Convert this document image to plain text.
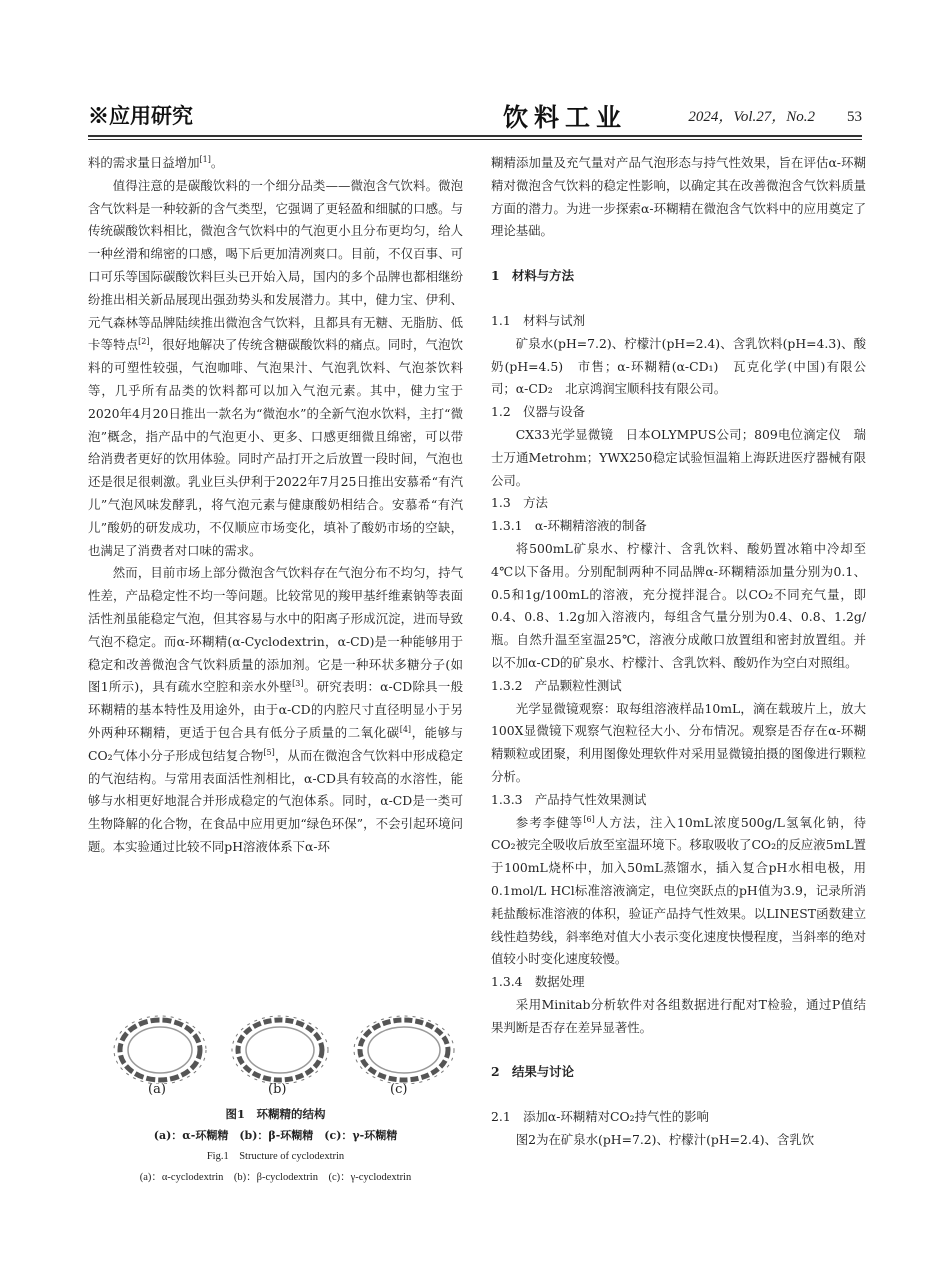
※应用研究	饮料工业	2024，Vol.27，No.2 53

料的需求量日益增加[1]。

值得注意的是碳酸饮料的一个细分品类——微泡含气饮料。微泡含气饮料是一种较新的含气类型，它强调了更轻盈和细腻的口感。与传统碳酸饮料相比，微泡含气饮料中的气泡更小且分布更均匀，给人一种丝滑和绵密的口感，喝下后更加清冽爽口。目前，不仅百事、可口可乐等国际碳酸饮料巨头已开始入局，国内的多个品牌也都相继纷纷推出相关新品展现出强劲势头和发展潜力。其中，健力宝、伊利、元气森林等品牌陆续推出微泡含气饮料，且都具有无糖、无脂肪、低卡等特点[2]，很好地解决了传统含糖碳酸饮料的痛点。同时，气泡饮料的可塑性较强，气泡咖啡、气泡果汁、气泡乳饮料、气泡茶饮料等，几乎所有品类的饮料都可以加入气泡元素。其中，健力宝于2020年4月20日推出一款名为“微泡水”的全新气泡水饮料，主打“微泡”概念，指产品中的气泡更小、更多、口感更细微且绵密，可以带给消费者更好的饮用体验。同时产品打开之后放置一段时间，气泡也还是很足很刺激。乳业巨头伊利于2022年7月25日推出安慕希“有汽儿”气泡风味发酵乳，将气泡元素与健康酸奶相结合。安慕希“有汽儿”酸奶的研发成功，不仅顺应市场变化，填补了酸奶市场的空缺，也满足了消费者对口味的需求。

然而，目前市场上部分微泡含气饮料存在气泡分布不均匀，持气性差，产品稳定性不均一等问题。比较常见的羧甲基纤维素钠等表面活性剂虽能稳定气泡，但其容易与水中的阳离子形成沉淀，进而导致气泡不稳定。而α-环糊精(α-Cyclodextrin，α-CD)是一种能够用于稳定和改善微泡含气饮料质量的添加剂。它是一种环状多糖分子(如图1所示)，具有疏水空腔和亲水外壁[3]。研究表明：α-CD除具一般环糊精的基本特性及用途外，由于α-CD的内腔尺寸直径明显小于另外两种环糊精，更适于包合具有低分子质量的二氧化碳[4]，能够与CO₂气体小分子形成包结复合物[5]，从而在微泡含气饮料中形成稳定的气泡结构。与常用表面活性剂相比，α-CD具有较高的水溶性，能够与水相更好地混合并形成稳定的气泡体系。同时，α-CD是一类可生物降解的化合物，在食品中应用更加“绿色环保”，不会引起环境问题。本实验通过比较不同pH溶液体系下α-环

(a)	(b)	(c)
图1　环糊精的结构
(a)：α-环糊精　(b)：β-环糊精　(c)：γ-环糊精
Fig.1　Structure of cyclodextrin
(a)：α-cyclodextrin　(b)：β-cyclodextrin　(c)：γ-cyclodextrin

糊精添加量及充气量对产品气泡形态与持气性效果，旨在评估α-环糊精对微泡含气饮料的稳定性影响，以确定其在改善微泡含气饮料质量方面的潜力。为进一步探索α-环糊精在微泡含气饮料中的应用奠定了理论基础。

1　材料与方法

1.1　材料与试剂

矿泉水(pH=7.2)、柠檬汁(pH=2.4)、含乳饮料(pH=4.3)、酸奶(pH=4.5)　市售；α-环糊精(α-CD₁)　瓦克化学(中国)有限公司；α-CD₂　北京鸿润宝顺科技有限公司。

1.2　仪器与设备

CX33光学显微镜　日本OLYMPUS公司；809电位滴定仪　瑞士万通Metrohm；YWX250稳定试验恒温箱上海跃进医疗器械有限公司。

1.3　方法

1.3.1　α-环糊精溶液的制备

将500mL矿泉水、柠檬汁、含乳饮料、酸奶置冰箱中冷却至4℃以下备用。分别配制两种不同品牌α-环糊精添加量分别为0.1、0.5和1g/100mL的溶液，充分搅拌混合。以CO₂不同充气量，即0.4、0.8、1.2g加入溶液内，每组含气量分别为0.4、0.8、1.2g/瓶。自然升温至室温25℃，溶液分成敞口放置组和密封放置组。并以不加α-CD的矿泉水、柠檬汁、含乳饮料、酸奶作为空白对照组。

1.3.2　产品颗粒性测试

光学显微镜观察：取每组溶液样品10mL，滴在载玻片上，放大100X显微镜下观察气泡粒径大小、分布情况。观察是否存在α-环糊精颗粒或团聚，利用图像处理软件对采用显微镜拍摄的图像进行颗粒分析。

1.3.3　产品持气性效果测试

参考李健等[6]人方法，注入10mL浓度500g/L氢氧化钠，待CO₂被完全吸收后放至室温环境下。移取吸收了CO₂的反应液5mL置于100mL烧杯中，加入50mL蒸馏水，插入复合pH水相电极，用0.1mol/L HCl标准溶液滴定，电位突跃点的pH值为3.9，记录所消耗盐酸标准溶液的体积，验证产品持气性效果。以LINEST函数建立线性趋势线，斜率绝对值大小表示变化速度快慢程度，当斜率的绝对值较小时变化速度较慢。

1.3.4　数据处理

采用Minitab分析软件对各组数据进行配对T检验，通过P值结果判断是否存在差异显著性。

2　结果与讨论

2.1　添加α-环糊精对CO₂持气性的影响

图2为在矿泉水(pH=7.2)、柠檬汁(pH=2.4)、含乳饮
